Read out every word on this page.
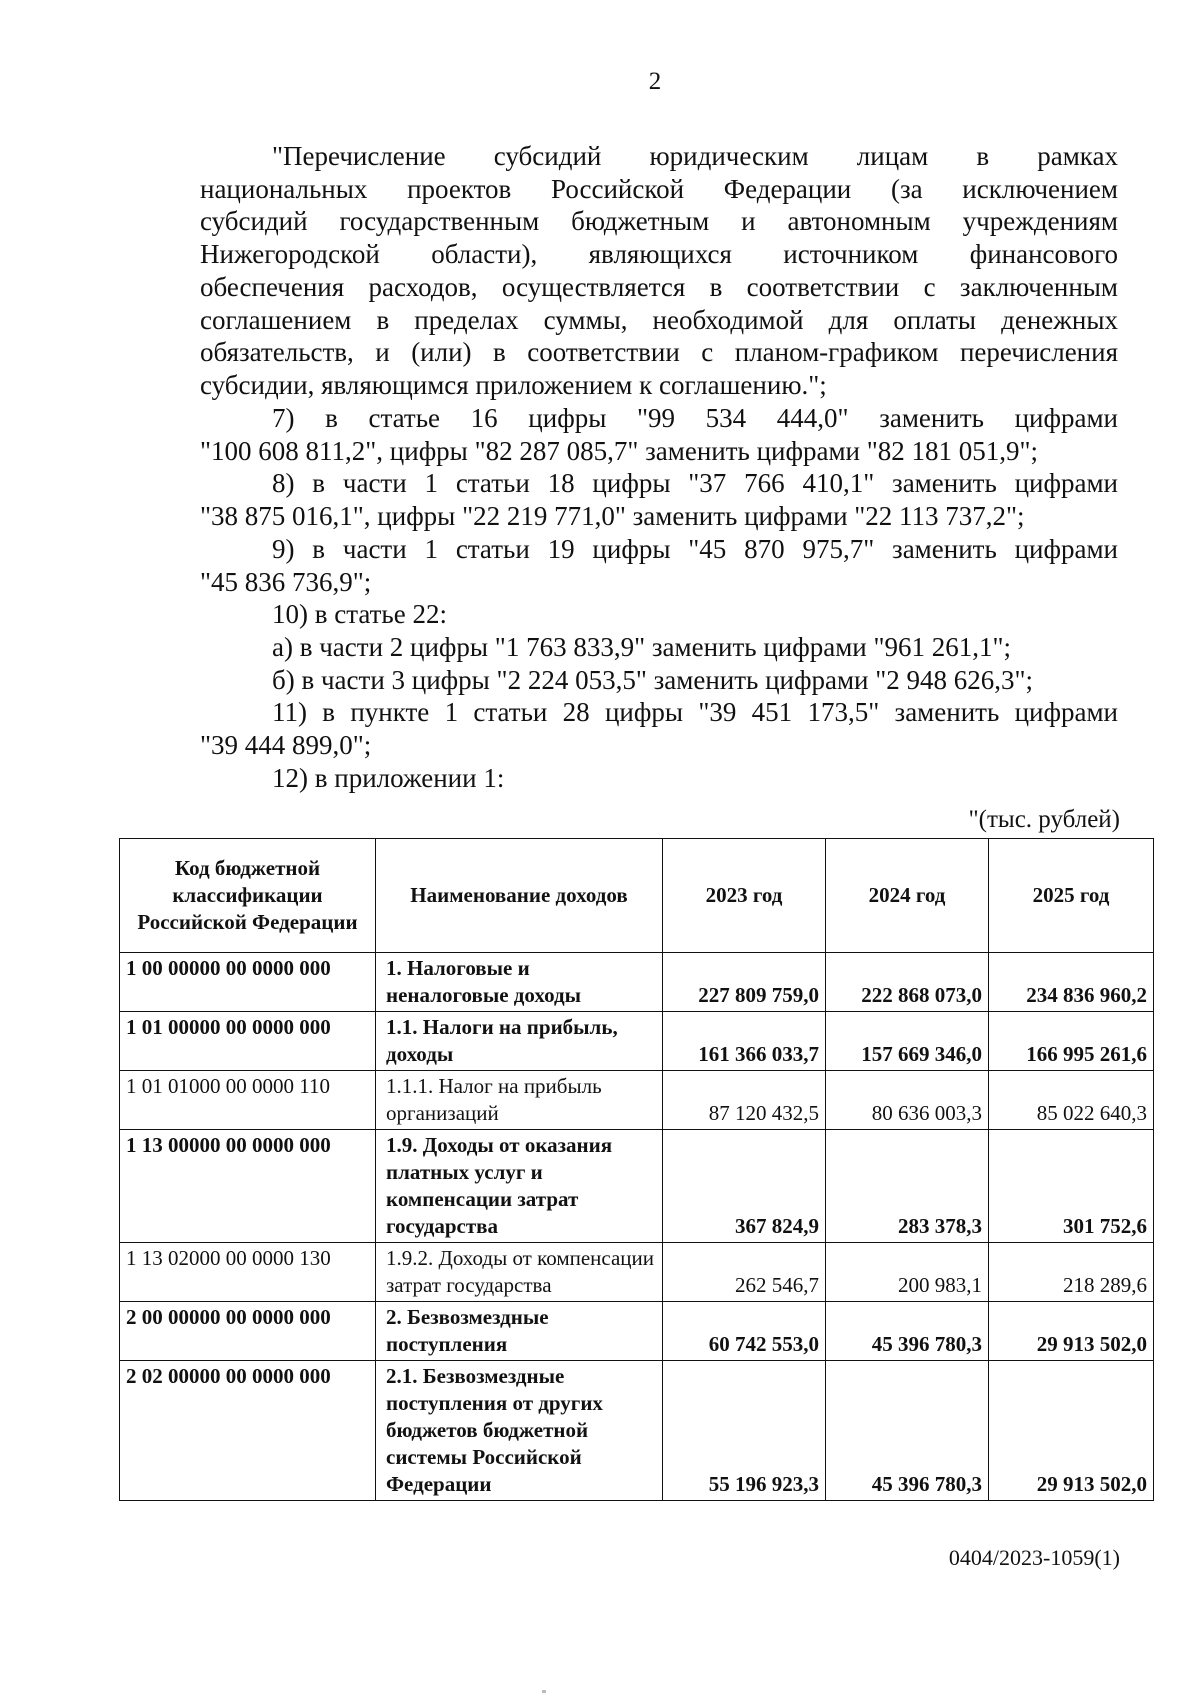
2

"Перечисление субсидий юридическим лицам в рамках

национальных проектов Российской Федерации (за исключением

субсидий государственным бюджетным и автономным учреждениям

Нижегородской области), являющихся источником финансового

обеспечения расходов, осуществляется в соответствии с заключенным

соглашением в пределах суммы, необходимой для оплаты денежных

обязательств, и (или) в соответствии с планом-графиком перечисления

субсидии, являющимся приложением к соглашению.";

7) в статье 16 цифры "99 534 444,0" заменить цифрами

"100 608 811,2", цифры "82 287 085,7" заменить цифрами "82 181 051,9";

8) в части 1 статьи 18 цифры "37 766 410,1" заменить цифрами

"38 875 016,1", цифры "22 219 771,0" заменить цифрами "22 113 737,2";

9) в части 1 статьи 19 цифры "45 870 975,7" заменить цифрами

"45 836 736,9";

10) в статье 22:

а) в части 2 цифры "1 763 833,9" заменить цифрами "961 261,1";

б) в части 3 цифры "2 224 053,5" заменить цифрами "2 948 626,3";

11) в пункте 1 статьи 28 цифры "39 451 173,5" заменить цифрами

"39 444 899,0";

12) в приложении 1:

"(тыс. рублей)
Код бюджетной классификации Российской Федерации	Наименование доходов	2023 год	2024 год	2025 год
1 00 00000 00 0000 000	1. Налоговые и неналоговые доходы	227 809 759,0	222 868 073,0	234 836 960,2
1 01 00000 00 0000 000	1.1. Налоги на прибыль, доходы	161 366 033,7	157 669 346,0	166 995 261,6
1 01 01000 00 0000 110	1.1.1. Налог на прибыль организаций	87 120 432,5	80 636 003,3	85 022 640,3
1 13 00000 00 0000 000	1.9. Доходы от оказания платных услуг и компенсации затрат государства	367 824,9	283 378,3	301 752,6
1 13 02000 00 0000 130	1.9.2. Доходы от компенсации затрат государства	262 546,7	200 983,1	218 289,6
2 00 00000 00 0000 000	2. Безвозмездные поступления	60 742 553,0	45 396 780,3	29 913 502,0
2 02 00000 00 0000 000	2.1. Безвозмездные поступления от других бюджетов бюджетной системы Российской Федерации	55 196 923,3	45 396 780,3	29 913 502,0
0404/2023-1059(1)
